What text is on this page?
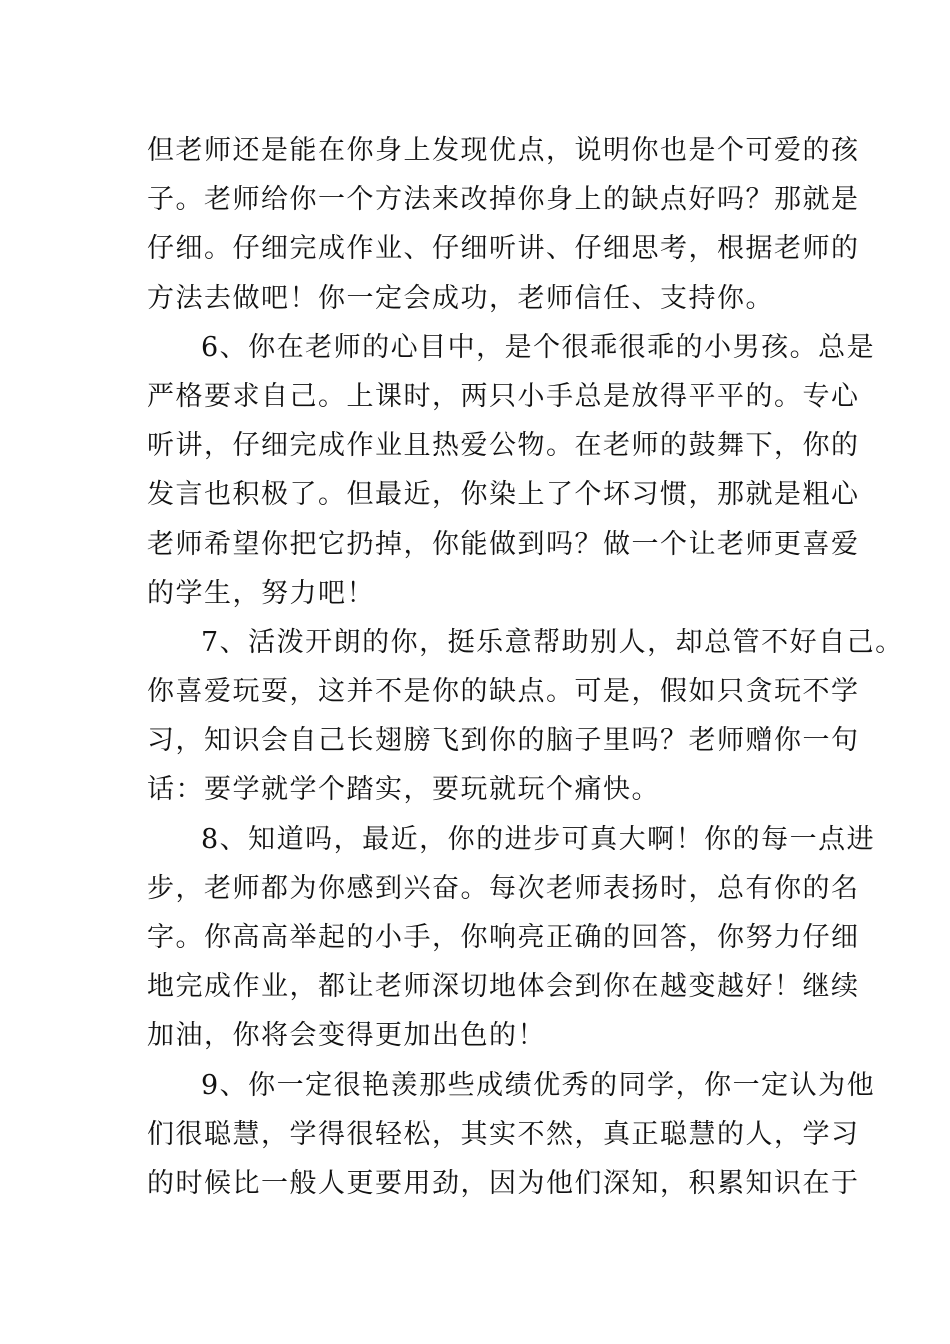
但老师还是能在你身上发现优点，说明你也是个可爱的孩
子。老师给你一个方法来改掉你身上的缺点好吗？那就是
仔细。仔细完成作业、仔细听讲、仔细思考，根据老师的
方法去做吧！你一定会成功，老师信任、支持你。
6、你在老师的心目中，是个很乖很乖的小男孩。总是
严格要求自己。上课时，两只小手总是放得平平的。专心
听讲，仔细完成作业且热爱公物。在老师的鼓舞下，你的
发言也积极了。但最近，你染上了个坏习惯，那就是粗心
老师希望你把它扔掉，你能做到吗？做一个让老师更喜爱
的学生，努力吧！
7、活泼开朗的你，挺乐意帮助别人，却总管不好自己。
你喜爱玩耍，这并不是你的缺点。可是，假如只贪玩不学
习，知识会自己长翅膀飞到你的脑子里吗？老师赠你一句
话：要学就学个踏实，要玩就玩个痛快。
8、知道吗，最近，你的进步可真大啊！你的每一点进
步，老师都为你感到兴奋。每次老师表扬时，总有你的名
字。你高高举起的小手，你响亮正确的回答，你努力仔细
地完成作业，都让老师深切地体会到你在越变越好！继续
加油，你将会变得更加出色的！
9、你一定很艳羡那些成绩优秀的同学，你一定认为他
们很聪慧，学得很轻松，其实不然，真正聪慧的人，学习
的时候比一般人更要用劲，因为他们深知，积累知识在于
